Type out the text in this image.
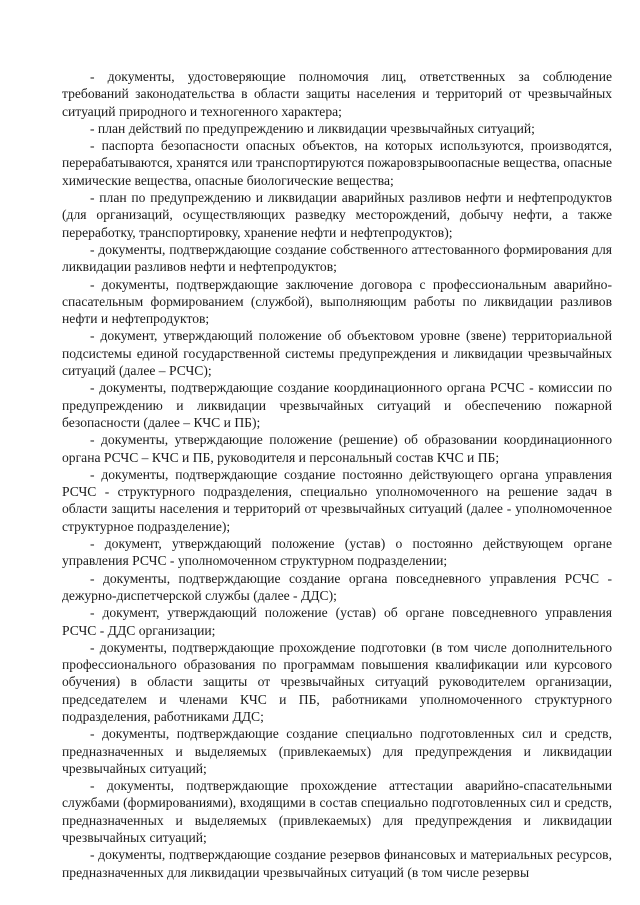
- документы, удостоверяющие полномочия лиц, ответственных за соблюдение требований законодательства в области защиты населения и территорий от чрезвычайных ситуаций природного и техногенного характера;

- план действий по предупреждению и ликвидации чрезвычайных ситуаций;

- паспорта безопасности опасных объектов, на которых используются, производятся, перерабатываются, хранятся или транспортируются пожаровзрывоопасные вещества, опасные химические вещества, опасные биологические вещества;

- план по предупреждению и ликвидации аварийных разливов нефти и нефтепродуктов (для организаций, осуществляющих разведку месторождений, добычу нефти, а также переработку, транспортировку, хранение нефти и нефтепродуктов);

- документы, подтверждающие создание собственного аттестованного формирования для ликвидации разливов нефти и нефтепродуктов;

- документы, подтверждающие заключение договора с профессиональным аварийно-спасательным формированием (службой), выполняющим работы по ликвидации разливов нефти и нефтепродуктов;

- документ, утверждающий положение об объектовом уровне (звене) территориальной подсистемы единой государственной системы предупреждения и ликвидации чрезвычайных ситуаций (далее – РСЧС);

- документы, подтверждающие создание координационного органа РСЧС - комиссии по предупреждению и ликвидации чрезвычайных ситуаций и обеспечению пожарной безопасности (далее – КЧС и ПБ);

- документы, утверждающие положение (решение) об образовании координационного органа РСЧС – КЧС и ПБ, руководителя и персональный состав КЧС и ПБ;

- документы, подтверждающие создание постоянно действующего органа управления РСЧС - структурного подразделения, специально уполномоченного на решение задач в области защиты населения и территорий от чрезвычайных ситуаций (далее - уполномоченное структурное подразделение);

- документ, утверждающий положение (устав) о постоянно действующем органе управления РСЧС - уполномоченном структурном подразделении;

- документы, подтверждающие создание органа повседневного управления РСЧС - дежурно-диспетчерской службы (далее - ДДС);

- документ, утверждающий положение (устав) об органе повседневного управления РСЧС - ДДС организации;

- документы, подтверждающие прохождение подготовки (в том числе дополнительного профессионального образования по программам повышения квалификации или курсового обучения) в области защиты от чрезвычайных ситуаций руководителем организации, председателем и членами КЧС и ПБ, работниками уполномоченного структурного подразделения, работниками ДДС;

- документы, подтверждающие создание специально подготовленных сил и средств, предназначенных и выделяемых (привлекаемых) для предупреждения и ликвидации чрезвычайных ситуаций;

- документы, подтверждающие прохождение аттестации аварийно-спасательными службами (формированиями), входящими в состав специально подготовленных сил и средств, предназначенных и выделяемых (привлекаемых) для предупреждения и ликвидации чрезвычайных ситуаций;

- документы, подтверждающие создание резервов финансовых и материальных ресурсов, предназначенных для ликвидации чрезвычайных ситуаций (в том числе резервы
